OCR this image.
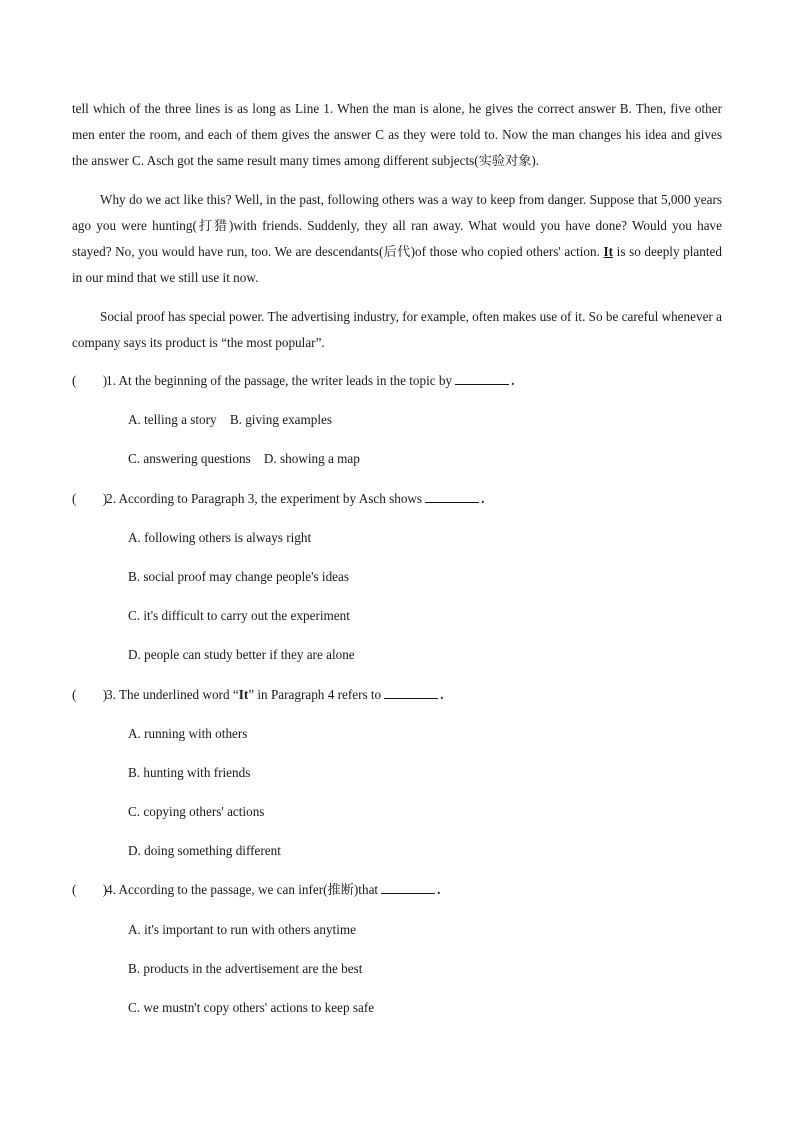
tell which of the three lines is as long as Line 1. When the man is alone, he gives the correct answer B. Then, five other men enter the room, and each of them gives the answer C as they were told to. Now the man changes his idea and gives the answer C. Asch got the same result many times among different subjects(实验对象).

Why do we act like this? Well, in the past, following others was a way to keep from danger. Suppose that 5,000 years ago you were hunting(打猎)with friends. Suddenly, they all ran away. What would you have done? Would you have stayed? No, you would have run, too. We are descendants(后代)of those who copied others' action. It is so deeply planted in our mind that we still use it now.

Social proof has special power. The advertising industry, for example, often makes use of it. So be careful whenever a company says its product is “the most popular”.

(　　)1. At the beginning of the passage, the writer leads in the topic by	.

A. telling a story　B. giving examples

C. answering questions　D. showing a map

(　　)2. According to Paragraph 3, the experiment by Asch shows	.

A. following others is always right

B. social proof may change people's ideas

C. it's difficult to carry out the experiment

D. people can study better if they are alone

(　　)3. The underlined word “It” in Paragraph 4 refers to	.

A. running with others

B. hunting with friends

C. copying others' actions

D. doing something different

(　　)4. According to the passage, we can infer(推断)that	.

A. it's important to run with others anytime

B. products in the advertisement are the best

C. we mustn't copy others' actions to keep safe
